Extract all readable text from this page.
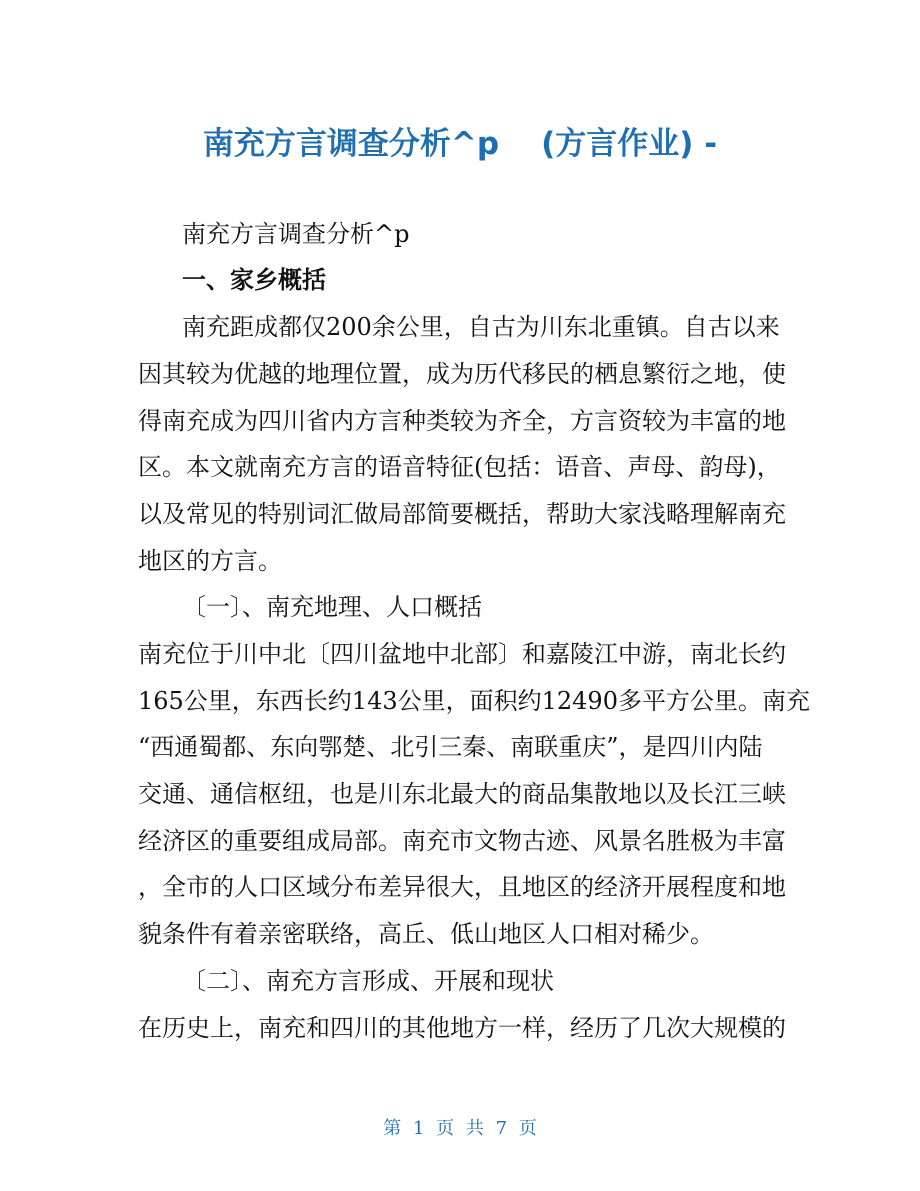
南充方言调查分析^p (方言作业) -
南充方言调查分析^p
一、家乡概括
南充距成都仅200余公里，自古为川东北重镇。自古以来
因其较为优越的地理位置，成为历代移民的栖息繁衍之地，使
得南充成为四川省内方言种类较为齐全，方言资较为丰富的地
区。本文就南充方言的语音特征(包括：语音、声母、韵母)，
以及常见的特别词汇做局部简要概括，帮助大家浅略理解南充
地区的方言。
〔一〕、南充地理、人口概括
南充位于川中北〔四川盆地中北部〕和嘉陵江中游，南北长约
165公里，东西长约143公里，面积约12490多平方公里。南充
“西通蜀都、东向鄂楚、北引三秦、南联重庆”，是四川内陆
交通、通信枢纽，也是川东北最大的商品集散地以及长江三峡
经济区的重要组成局部。南充市文物古迹、风景名胜极为丰富
，全市的人口区域分布差异很大，且地区的经济开展程度和地
貌条件有着亲密联络，高丘、低山地区人口相对稀少。
〔二〕、南充方言形成、开展和现状
在历史上，南充和四川的其他地方一样，经历了几次大规模的
第 1 页 共 7 页
